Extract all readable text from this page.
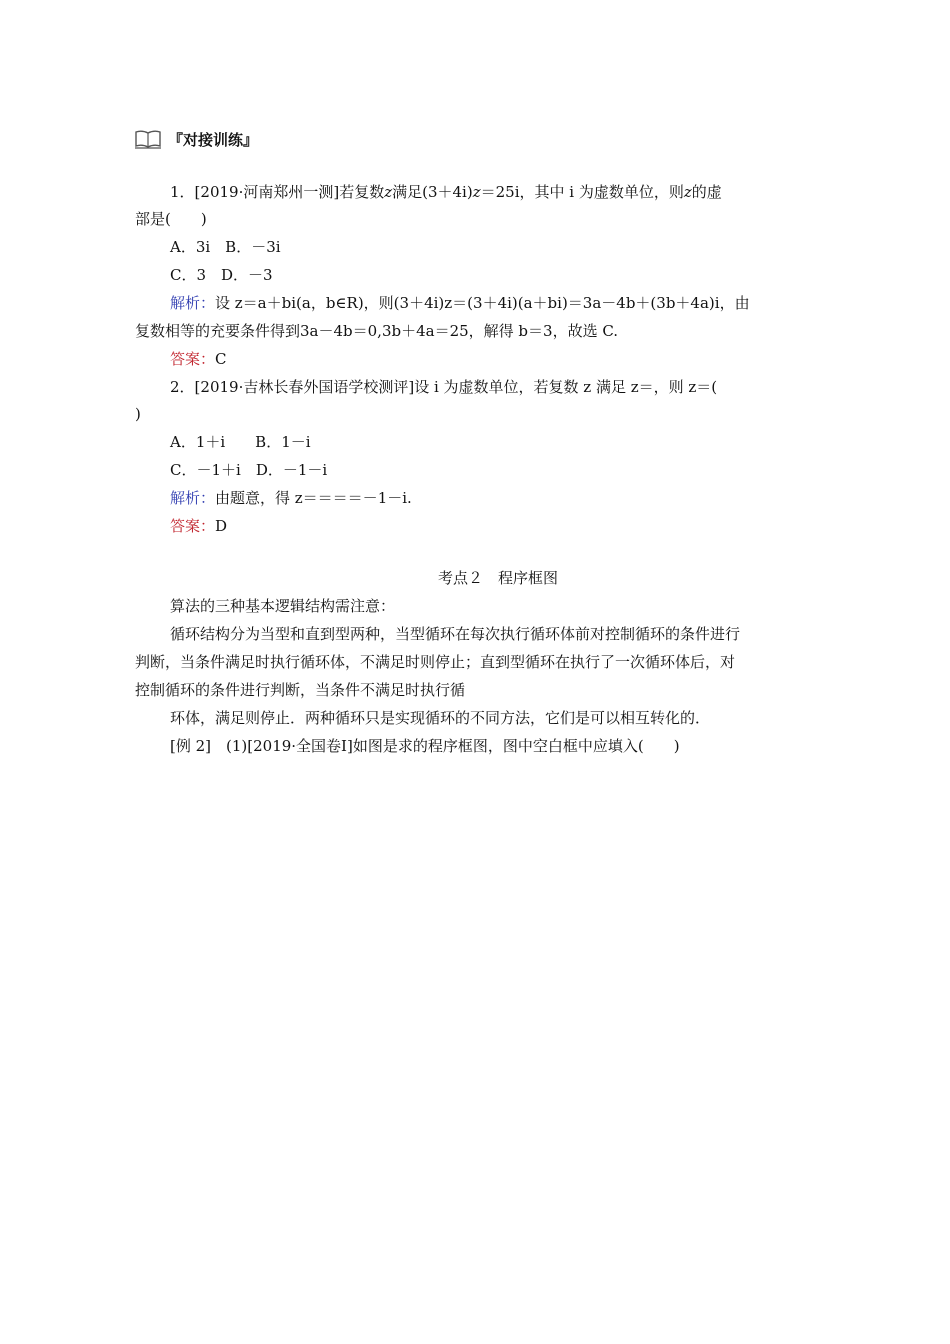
『对接训练』
1．[2019·河南郑州一测]若复数z满足(3＋4i)z＝25i，其中 i 为虚数单位，则z的虚
部是(　　)
A．3i　B．－3i
C．3　D．－3
解析：设 z＝a＋bi(a，b∈R)，则(3＋4i)z＝(3＋4i)(a＋bi)＝3a－4b＋(3b＋4a)i，由
复数相等的充要条件得到3a－4b＝0,3b＋4a＝25，解得 b＝3，故选 C.
答案：C
2．[2019·吉林长春外国语学校测评]设 i 为虚数单位，若复数 z 满足 z＝，则 z＝(
)
A．1＋i　　B．1－i
C．－1＋i　D．－1－i
解析：由题意，得 z＝＝＝＝－1－i.
答案：D
考点２　程序框图
算法的三种基本逻辑结构需注意：
循环结构分为当型和直到型两种，当型循环在每次执行循环体前对控制循环的条件进行
判断，当条件满足时执行循环体，不满足时则停止；直到型循环在执行了一次循环体后，对
控制循环的条件进行判断，当条件不满足时执行循
环体，满足则停止．两种循环只是实现循环的不同方法，它们是可以相互转化的．
[例 2]　(1)[2019·全国卷Ⅰ]如图是求的程序框图，图中空白框中应填入(　　)
